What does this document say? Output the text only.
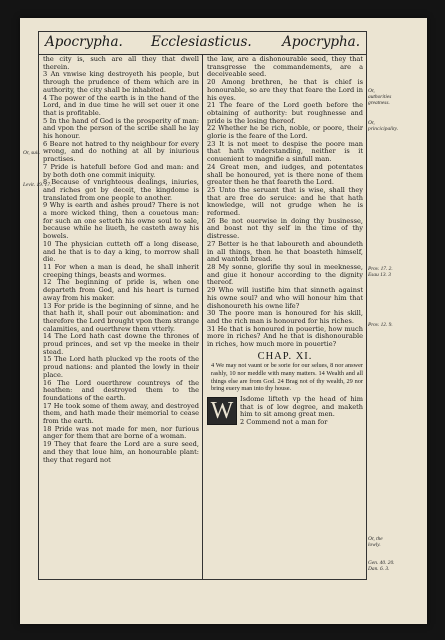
Apocrypha. Ecclesiasticus. Apocrypha.

the city is, such are all they that dwell therein.

3 An vnwise king destroyeth his people, but through the prudence of them which are in authority, the city shall be inhabited.

4 The power of the earth is in the hand of the Lord, and in due time he will set ouer it one that is profitable.

5 In the hand of God is the prosperity of man: and vpon the person of the scribe shall he lay his honour.

6 Beare not hatred to thy neighbour for every wrong, and do nothing at all by iniurious practises.

7 Pride is hatefull before God and man: and by both doth one commit iniquity.

8 Because of vnrighteous dealings, iniuries, and riches got by deceit, the kingdome is translated from one people to another.

9 Why is earth and ashes proud? There is not a more wicked thing, then a couetous man: for such an one setteth his owne soul to sale, because while he liueth, he casteth away his bowels.

10 The physician cutteth off a long disease, and he that is to day a king, to morrow shall die.

11 For when a man is dead, he shall inherit creeping things, beasts and wormes.

12 The beginning of pride is, when one departeth from God, and his heart is turned away from his maker.

13 For pride is the beginning of sinne, and he that hath it, shall pour out abomination: and therefore the Lord brought vpon them strange calamities, and ouerthrew them vtterly.

14 The Lord hath cast downe the thrones of proud princes, and set vp the meeke in their stead.

15 The Lord hath plucked vp the roots of the proud nations: and planted the lowly in their place.

16 The Lord ouerthrew countreys of the heathen: and destroyed them to the foundations of the earth.

17 He took some of them away, and destroyed them, and hath made their memorial to cease from the earth.

18 Pride was not made for men, nor furious anger for them that are borne of a woman.

19 They that feare the Lord are a sure seed, and they that loue him, an honourable plant: they that regard not

the law, are a dishonourable seed, they that transgresse the commandements, are a deceiveable seed.

20 Among brethren, he that is chief is honourable, so are they that feare the Lord in his eyes.

21 The feare of the Lord goeth before the obtaining of authority: but roughnesse and pride is the losing thereof.

22 Whether he be rich, noble, or poore, their glorie is the feare of the Lord.

23 It is not meet to despise the poore man that hath vnderstanding, neither is it conuenient to magnifie a sinfull man.

24 Great men, and iudges, and potentates shall be honoured, yet is there none of them greater then he that feareth the Lord.

25 Unto the seruant that is wise, shall they that are free do seruice: and he that hath knowledge, will not grudge when he is reformed.

26 Be not ouerwise in doing thy businesse, and boast not thy self in the time of thy distresse.

27 Better is he that laboureth and aboundeth in all things, then he that boasteth himself, and wanteth bread.

28 My sonne, glorifie thy soul in meeknesse, and giue it honour according to the dignity thereof.

29 Who will iustifie him that sinneth against his owne soul? and who will honour him that dishonoureth his owne life?

30 The poore man is honoured for his skill, and the rich man is honoured for his riches.

31 He that is honoured in pouertie, how much more in riches? And he that is dishonourable in riches, how much more in pouertie?

CHAP. XI.
4 We may not vaunt or be sorie for our selues, 8 nor answer rashly, 10 nor meddle with many matters. 14 Wealth and all things else are from God. 24 Brag not of thy wealth, 29 nor bring euery man into thy house.
W	Isdome lifteth vp the head of him that is of low degree, and maketh him to sit among great men.

2 Commend not a man for

Or, suit.
Levit. 19. 17.
Or, authorities greatness.
Or, princicipality.
Prov. 17. 2. Esau 13. 3
Prov. 12. 9.
Or, the lowly.
Gen. 40. 20. Dan. 6. 3.
